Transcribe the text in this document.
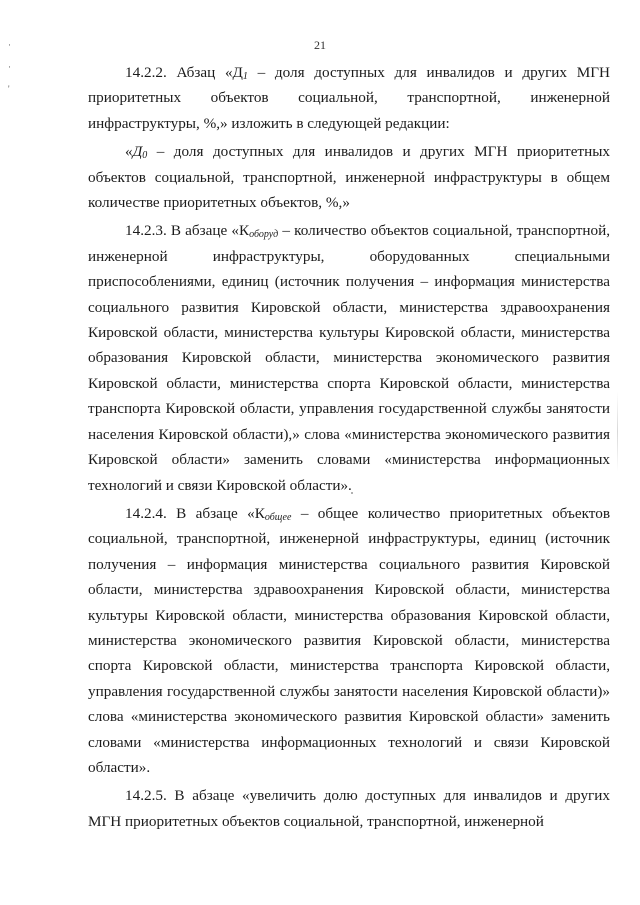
21
·
·
'

14.2.2. Абзац «$Д_1$ – доля доступных для инвалидов и других МГН приоритетных объектов социальной, транспортной, инженерной инфраструктуры, %,» изложить в следующей редакции:

«$Д_0$ – доля доступных для инвалидов и других МГН приоритетных объектов социальной, транспортной, инженерной инфраструктуры в общем количестве приоритетных объектов, %,»

14.2.3. В абзаце «$К_{оборуд}$ – количество объектов социальной, транспортной, инженерной инфраструктуры, оборудованных специальными приспособлениями, единиц (источник получения – информация министерства социального развития Кировской области, министерства здравоохранения Кировской области, министерства культуры Кировской области, министерства образования Кировской области, министерства экономического развития Кировской области, министерства спорта Кировской области, министерства транспорта Кировской области, управления государственной службы занятости населения Кировской области),» слова «министерства экономического развития Кировской области» заменить словами «министерства информационных технологий и связи Кировской области».

14.2.4. В абзаце «$К_{общее}$ – общее количество приоритетных объектов социальной, транспортной, инженерной инфраструктуры, единиц (источник получения – информация министерства социального развития Кировской области, министерства здравоохранения Кировской области, министерства культуры Кировской области, министерства образования Кировской области, министерства экономического развития Кировской области, министерства спорта Кировской области, министерства транспорта Кировской области, управления государственной службы занятости населения Кировской области)» слова «министерства экономического развития Кировской области» заменить словами «министерства информационных технологий и связи Кировской области».

14.2.5. В абзаце «увеличить долю доступных для инвалидов и других МГН приоритетных объектов социальной, транспортной, инженерной
